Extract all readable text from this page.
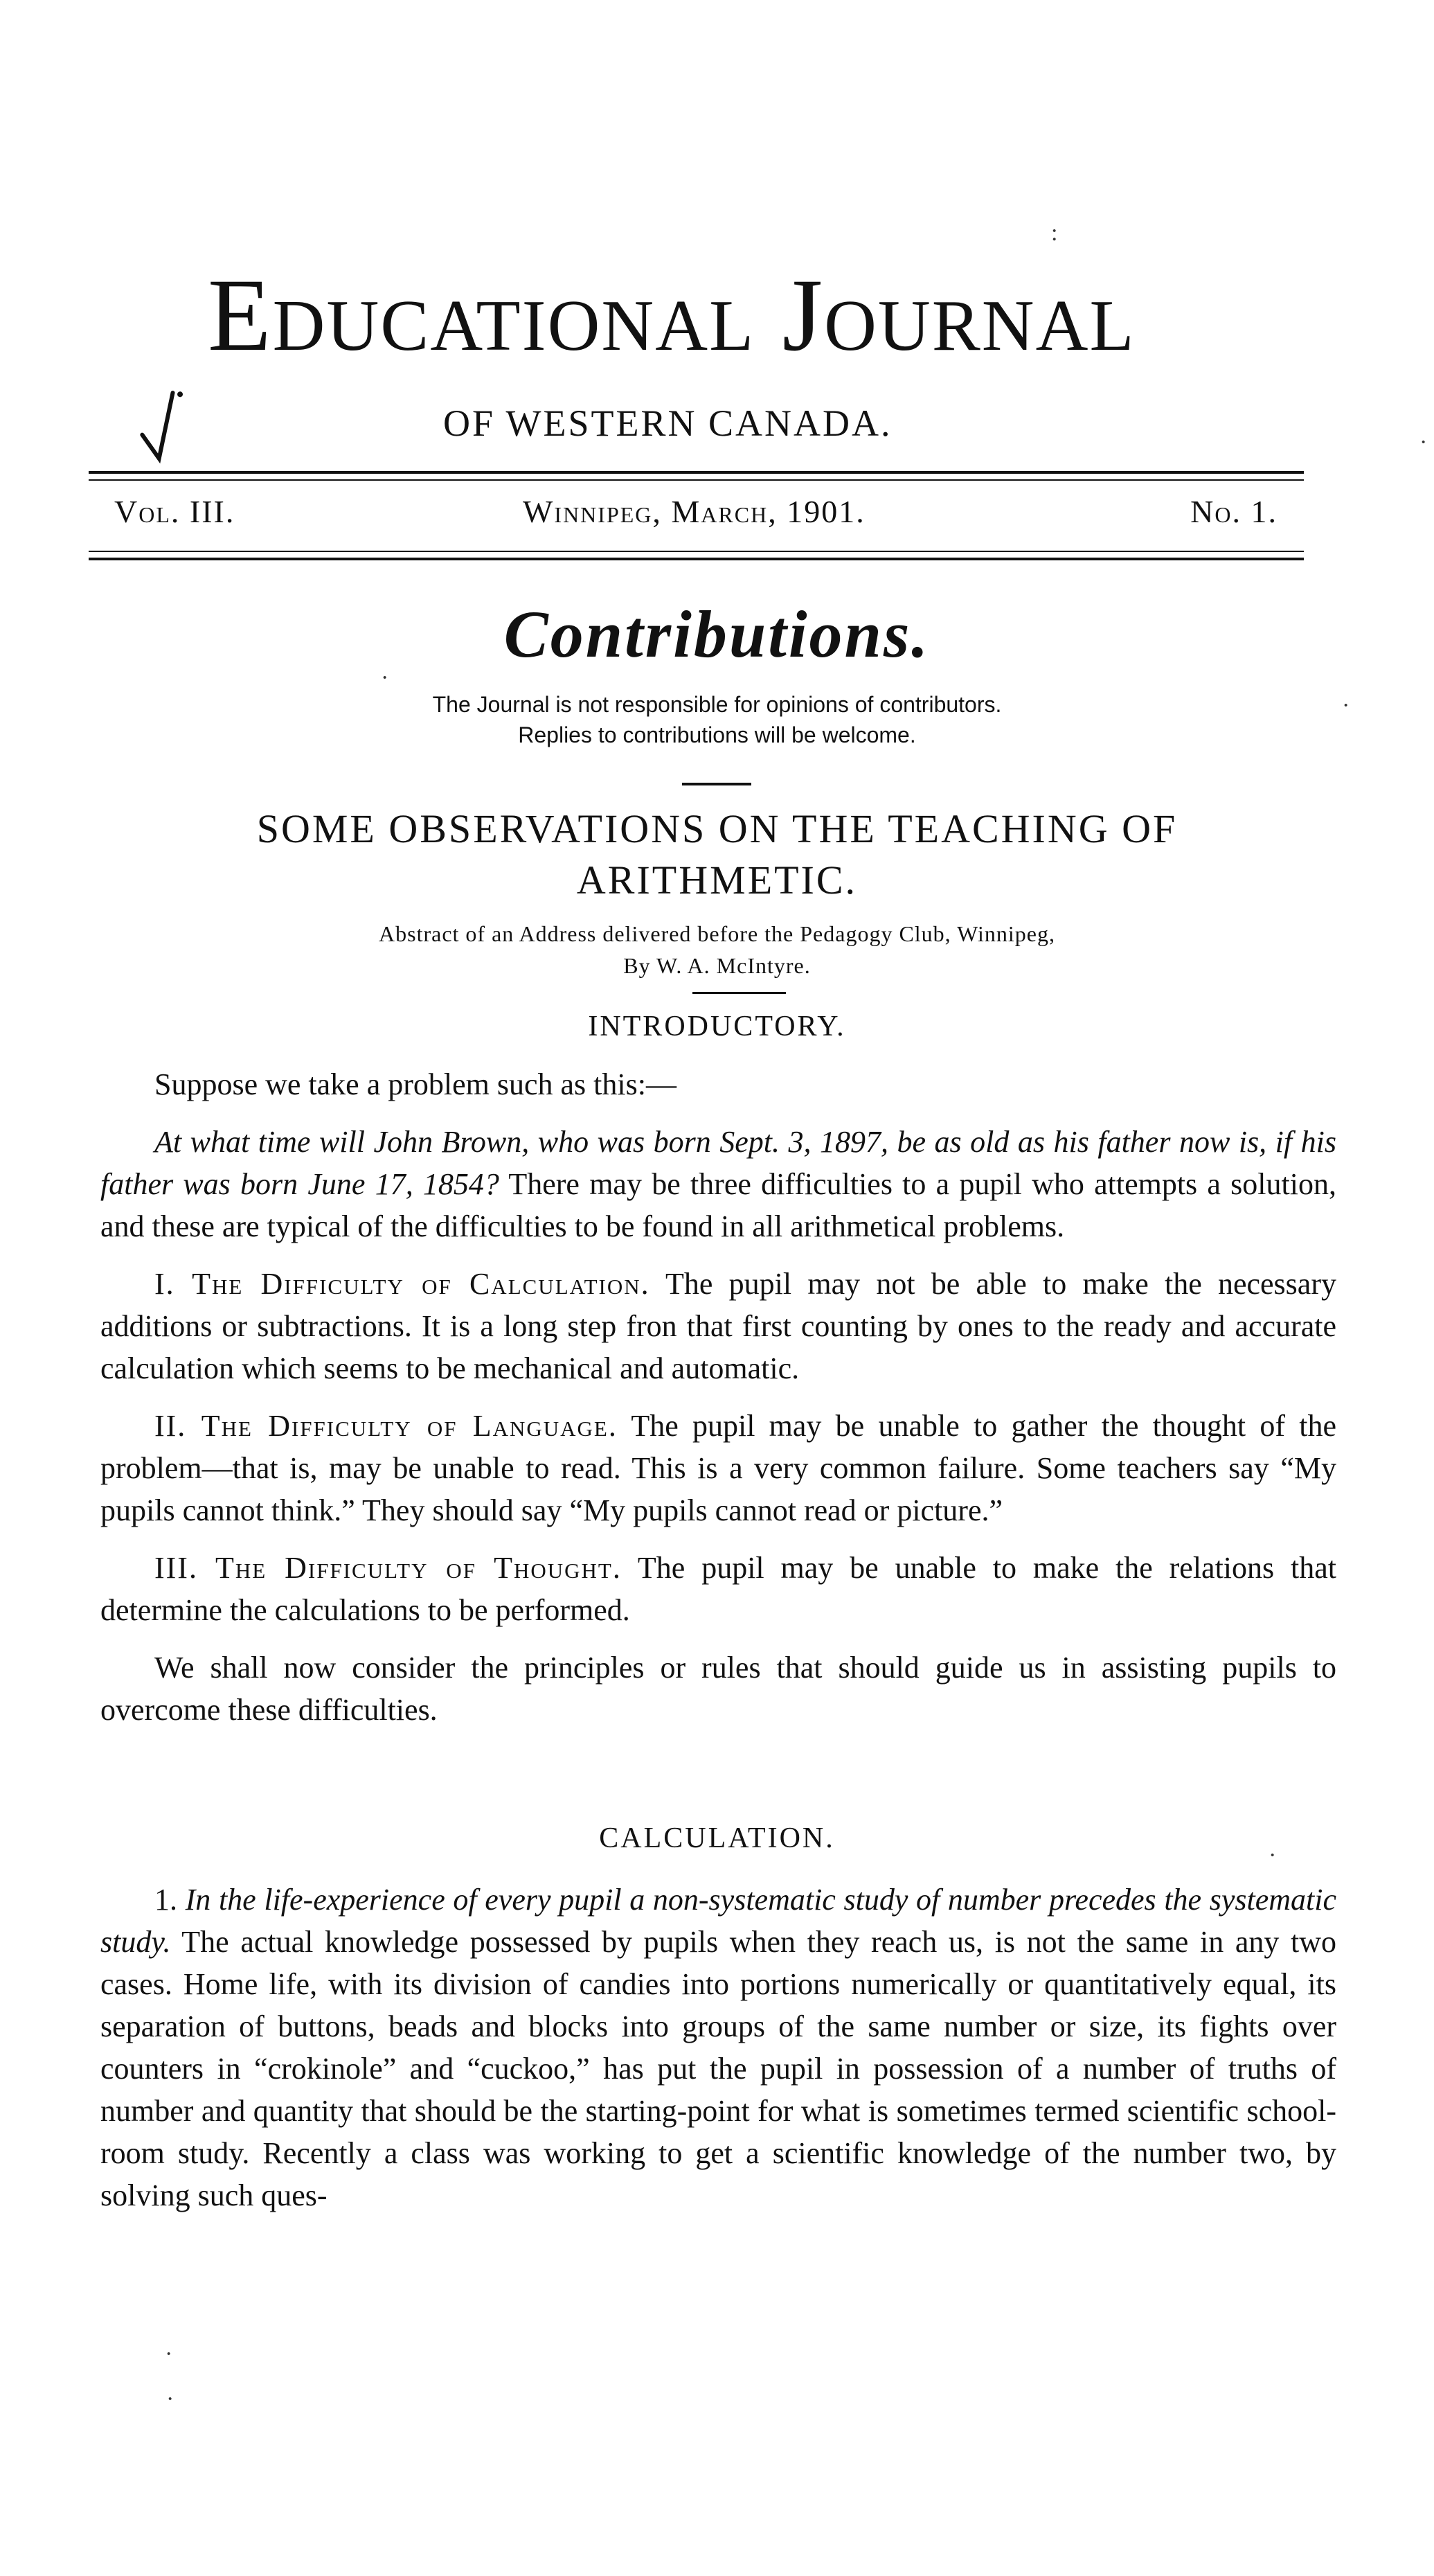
:
·
·
·
·
·
·
Educational Journal
OF WESTERN CANADA.
Vol. III.	Winnipeg, March, 1901.	No. 1.
Contributions.
The Journal is not responsible for opinions of contributors.
Replies to contributions will be welcome.
SOME OBSERVATIONS ON THE TEACHING OF
ARITHMETIC.
Abstract of an Address delivered before the Pedagogy Club, Winnipeg,
By W. A. McIntyre.
INTRODUCTORY.

Suppose we take a problem such as this:—

At what time will John Brown, who was born Sept. 3, 1897, be as old as his father now is, if his father was born June 17, 1854? There may be three difficulties to a pupil who attempts a solution, and these are typical of the difficulties to be found in all arithmetical problems.

I. The Difficulty of Calculation. The pupil may not be able to make the necessary additions or subtractions. It is a long step fron that first counting by ones to the ready and accurate calculation which seems to be mechanical and automatic.

II. The Difficulty of Language. The pupil may be unable to gather the thought of the problem—that is, may be unable to read. This is a very common failure. Some teachers say “My pupils cannot think.” They should say “My pupils cannot read or picture.”

III. The Difficulty of Thought. The pupil may be unable to make the relations that determine the calculations to be performed.

We shall now consider the principles or rules that should guide us in assisting pupils to overcome these difficulties.

CALCULATION.

1. In the life-experience of every pupil a non-systematic study of number precedes the systematic study. The actual knowledge possessed by pupils when they reach us, is not the same in any two cases. Home life, with its division of candies into portions numerically or quantitatively equal, its separation of buttons, beads and blocks into groups of the same number or size, its fights over counters in “crokinole” and “cuckoo,” has put the pupil in possession of a number of truths of number and quantity that should be the starting-point for what is sometimes termed scientific school-room study. Recently a class was working to get a scientific knowledge of the number two, by solving such ques-
